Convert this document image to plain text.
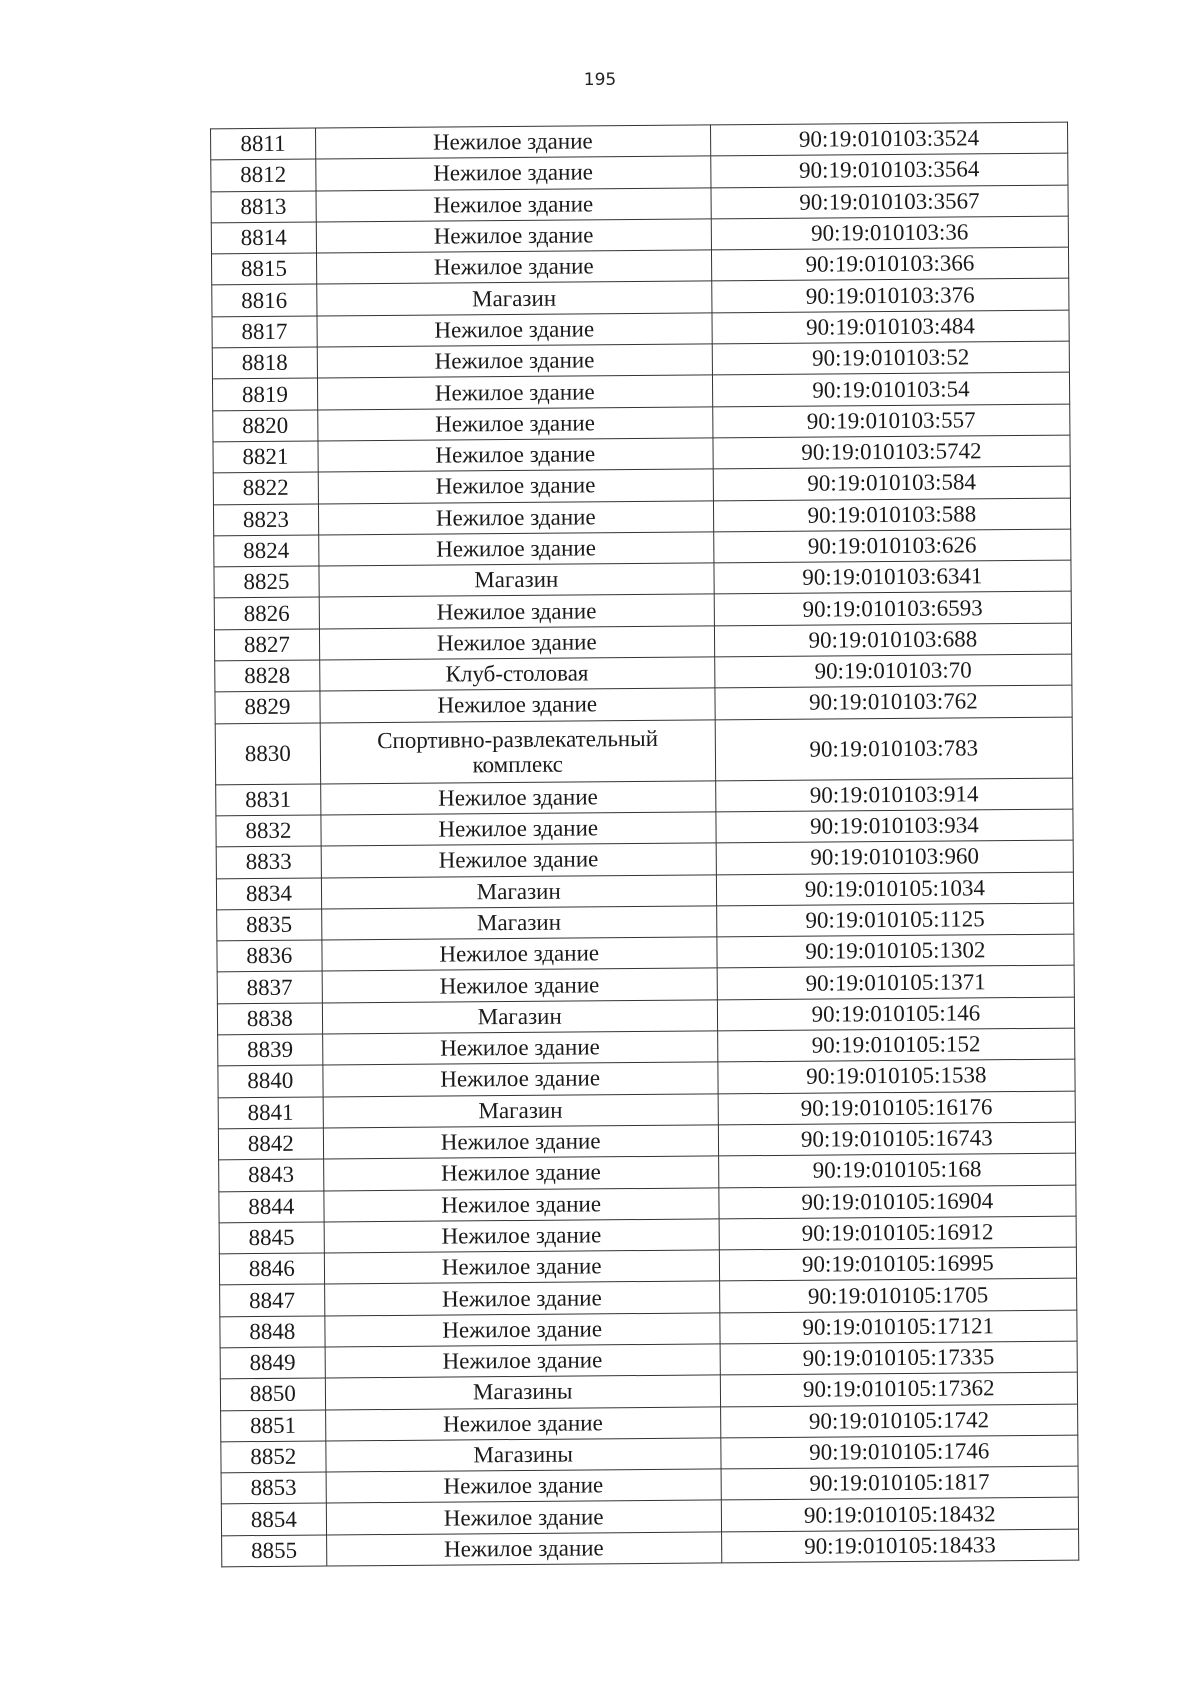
195
8811	Нежилое здание	90:19:010103:3524
8812	Нежилое здание	90:19:010103:3564
8813	Нежилое здание	90:19:010103:3567
8814	Нежилое здание	90:19:010103:36
8815	Нежилое здание	90:19:010103:366
8816	Магазин	90:19:010103:376
8817	Нежилое здание	90:19:010103:484
8818	Нежилое здание	90:19:010103:52
8819	Нежилое здание	90:19:010103:54
8820	Нежилое здание	90:19:010103:557
8821	Нежилое здание	90:19:010103:5742
8822	Нежилое здание	90:19:010103:584
8823	Нежилое здание	90:19:010103:588
8824	Нежилое здание	90:19:010103:626
8825	Магазин	90:19:010103:6341
8826	Нежилое здание	90:19:010103:6593
8827	Нежилое здание	90:19:010103:688
8828	Клуб-столовая	90:19:010103:70
8829	Нежилое здание	90:19:010103:762
8830	Спортивно-развлекательный
комплекс	90:19:010103:783
8831	Нежилое здание	90:19:010103:914
8832	Нежилое здание	90:19:010103:934
8833	Нежилое здание	90:19:010103:960
8834	Магазин	90:19:010105:1034
8835	Магазин	90:19:010105:1125
8836	Нежилое здание	90:19:010105:1302
8837	Нежилое здание	90:19:010105:1371
8838	Магазин	90:19:010105:146
8839	Нежилое здание	90:19:010105:152
8840	Нежилое здание	90:19:010105:1538
8841	Магазин	90:19:010105:16176
8842	Нежилое здание	90:19:010105:16743
8843	Нежилое здание	90:19:010105:168
8844	Нежилое здание	90:19:010105:16904
8845	Нежилое здание	90:19:010105:16912
8846	Нежилое здание	90:19:010105:16995
8847	Нежилое здание	90:19:010105:1705
8848	Нежилое здание	90:19:010105:17121
8849	Нежилое здание	90:19:010105:17335
8850	Магазины	90:19:010105:17362
8851	Нежилое здание	90:19:010105:1742
8852	Магазины	90:19:010105:1746
8853	Нежилое здание	90:19:010105:1817
8854	Нежилое здание	90:19:010105:18432
8855	Нежилое здание	90:19:010105:18433
